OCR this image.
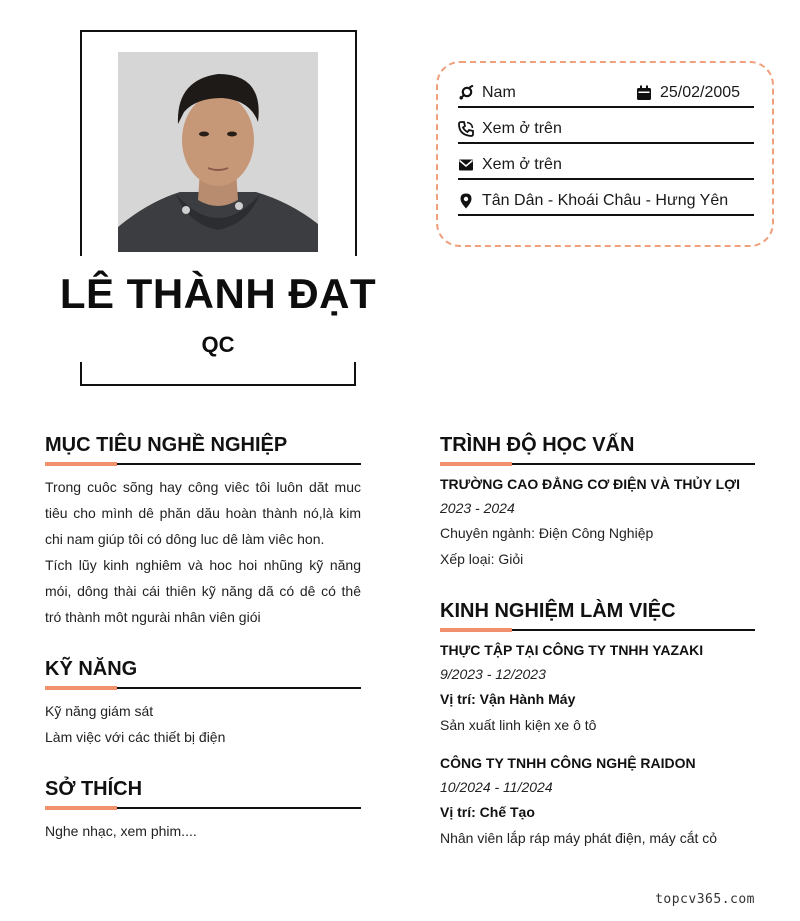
LÊ THÀNH ĐẠT
QC
Nam	25/02/2005
Xem ở trên
Xem ở trên
Tân Dân - Khoái Châu - Hưng Yên
MỤC TIÊU NGHỀ NGHIỆP
Trong cuôc sõng hay công viêc tôi luôn dăt muc tiêu cho mình dê phăn dău hoàn thành nó,là kim chi nam giúp tôi có dông luc dê làm viêc hon.
Tích lũy kinh nghiêm và hoc hoi nhũng kỹ năng mói, dông thài cái thiên kỹ năng dã có dê có thê tró thành môt ngurài nhân viên giói
KỸ NĂNG
Kỹ năng giám sát
Làm việc với các thiết bị điện
SỞ THÍCH
Nghe nhạc, xem phim....
TRÌNH ĐỘ HỌC VẤN
TRƯỜNG CAO ĐẲNG CƠ ĐIỆN VÀ THỦY LỢI
2023 - 2024
Chuyên ngành: Điện Công Nghiệp
Xếp loại: Giỏi
KINH NGHIỆM LÀM VIỆC
THỰC TẬP TẠI CÔNG TY TNHH YAZAKI
9/2023 - 12/2023
Vị trí: Vận Hành Máy
Sản xuất linh kiện xe ô tô
CÔNG TY TNHH CÔNG NGHỆ RAIDON
10/2024 - 11/2024
Vị trí: Chế Tạo
Nhân viên lắp ráp máy phát điện, máy cắt cỏ
topcv365.com
